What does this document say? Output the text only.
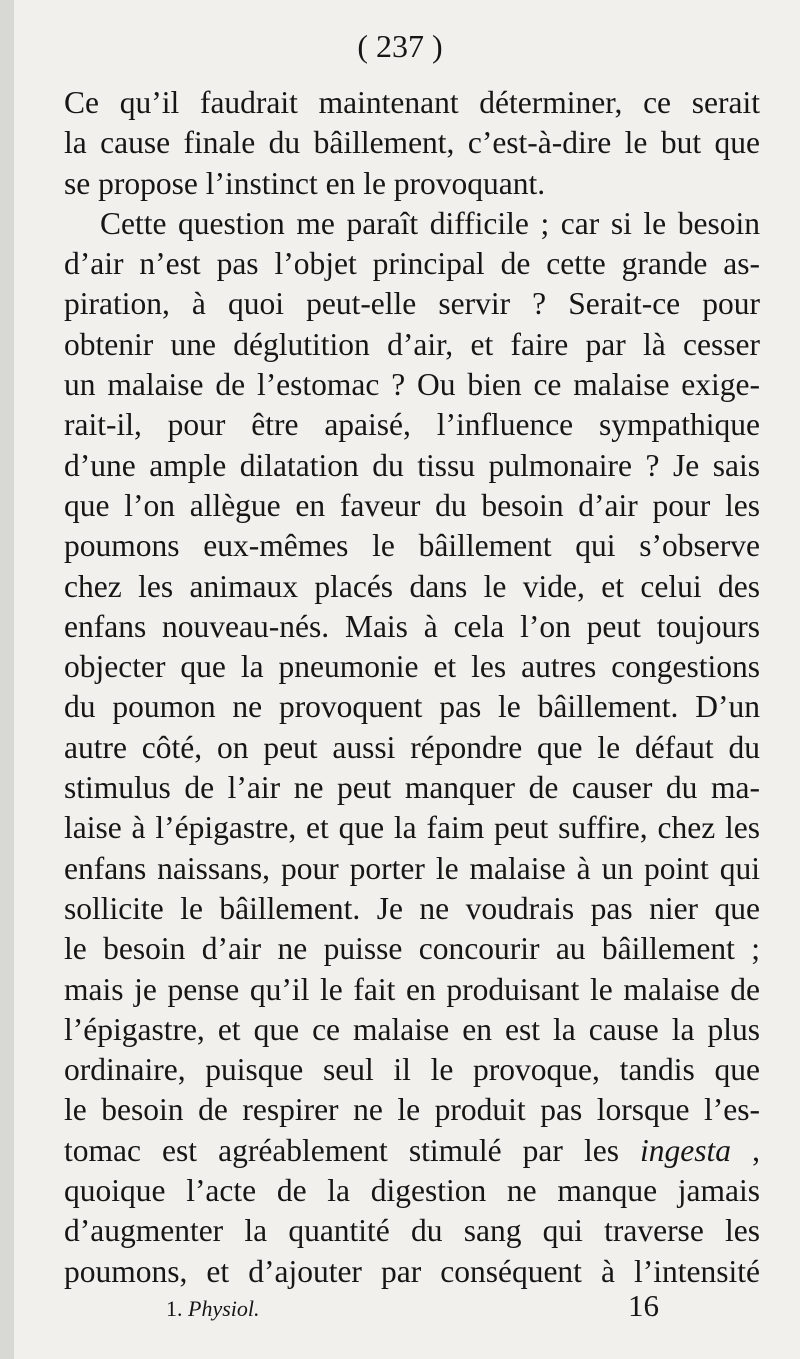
( 237 )
Ce qu’il faudrait maintenant déterminer, ce serait
la cause finale du bâillement, c’est-à-dire le but que
se propose l’instinct en le provoquant.
Cette question me paraît difficile ; car si le besoin
d’air n’est pas l’objet principal de cette grande as-
piration, à quoi peut-elle servir ? Serait-ce pour
obtenir une déglutition d’air, et faire par là cesser
un malaise de l’estomac ? Ou bien ce malaise exige-
rait-il, pour être apaisé, l’influence sympathique
d’une ample dilatation du tissu pulmonaire ? Je sais
que l’on allègue en faveur du besoin d’air pour les
poumons eux-mêmes le bâillement qui s’observe
chez les animaux placés dans le vide, et celui des
enfans nouveau-nés. Mais à cela l’on peut toujours
objecter que la pneumonie et les autres congestions
du poumon ne provoquent pas le bâillement. D’un
autre côté, on peut aussi répondre que le défaut du
stimulus de l’air ne peut manquer de causer du ma-
laise à l’épigastre, et que la faim peut suffire, chez les
enfans naissans, pour porter le malaise à un point qui
sollicite le bâillement. Je ne voudrais pas nier que
le besoin d’air ne puisse concourir au bâillement ;
mais je pense qu’il le fait en produisant le malaise de
l’épigastre, et que ce malaise en est la cause la plus
ordinaire, puisque seul il le provoque, tandis que
le besoin de respirer ne le produit pas lorsque l’es-
tomac est agréablement stimulé par les ingesta ,
quoique l’acte de la digestion ne manque jamais
d’augmenter la quantité du sang qui traverse les
poumons, et d’ajouter par conséquent à l’intensité
1. Physiol.	16
